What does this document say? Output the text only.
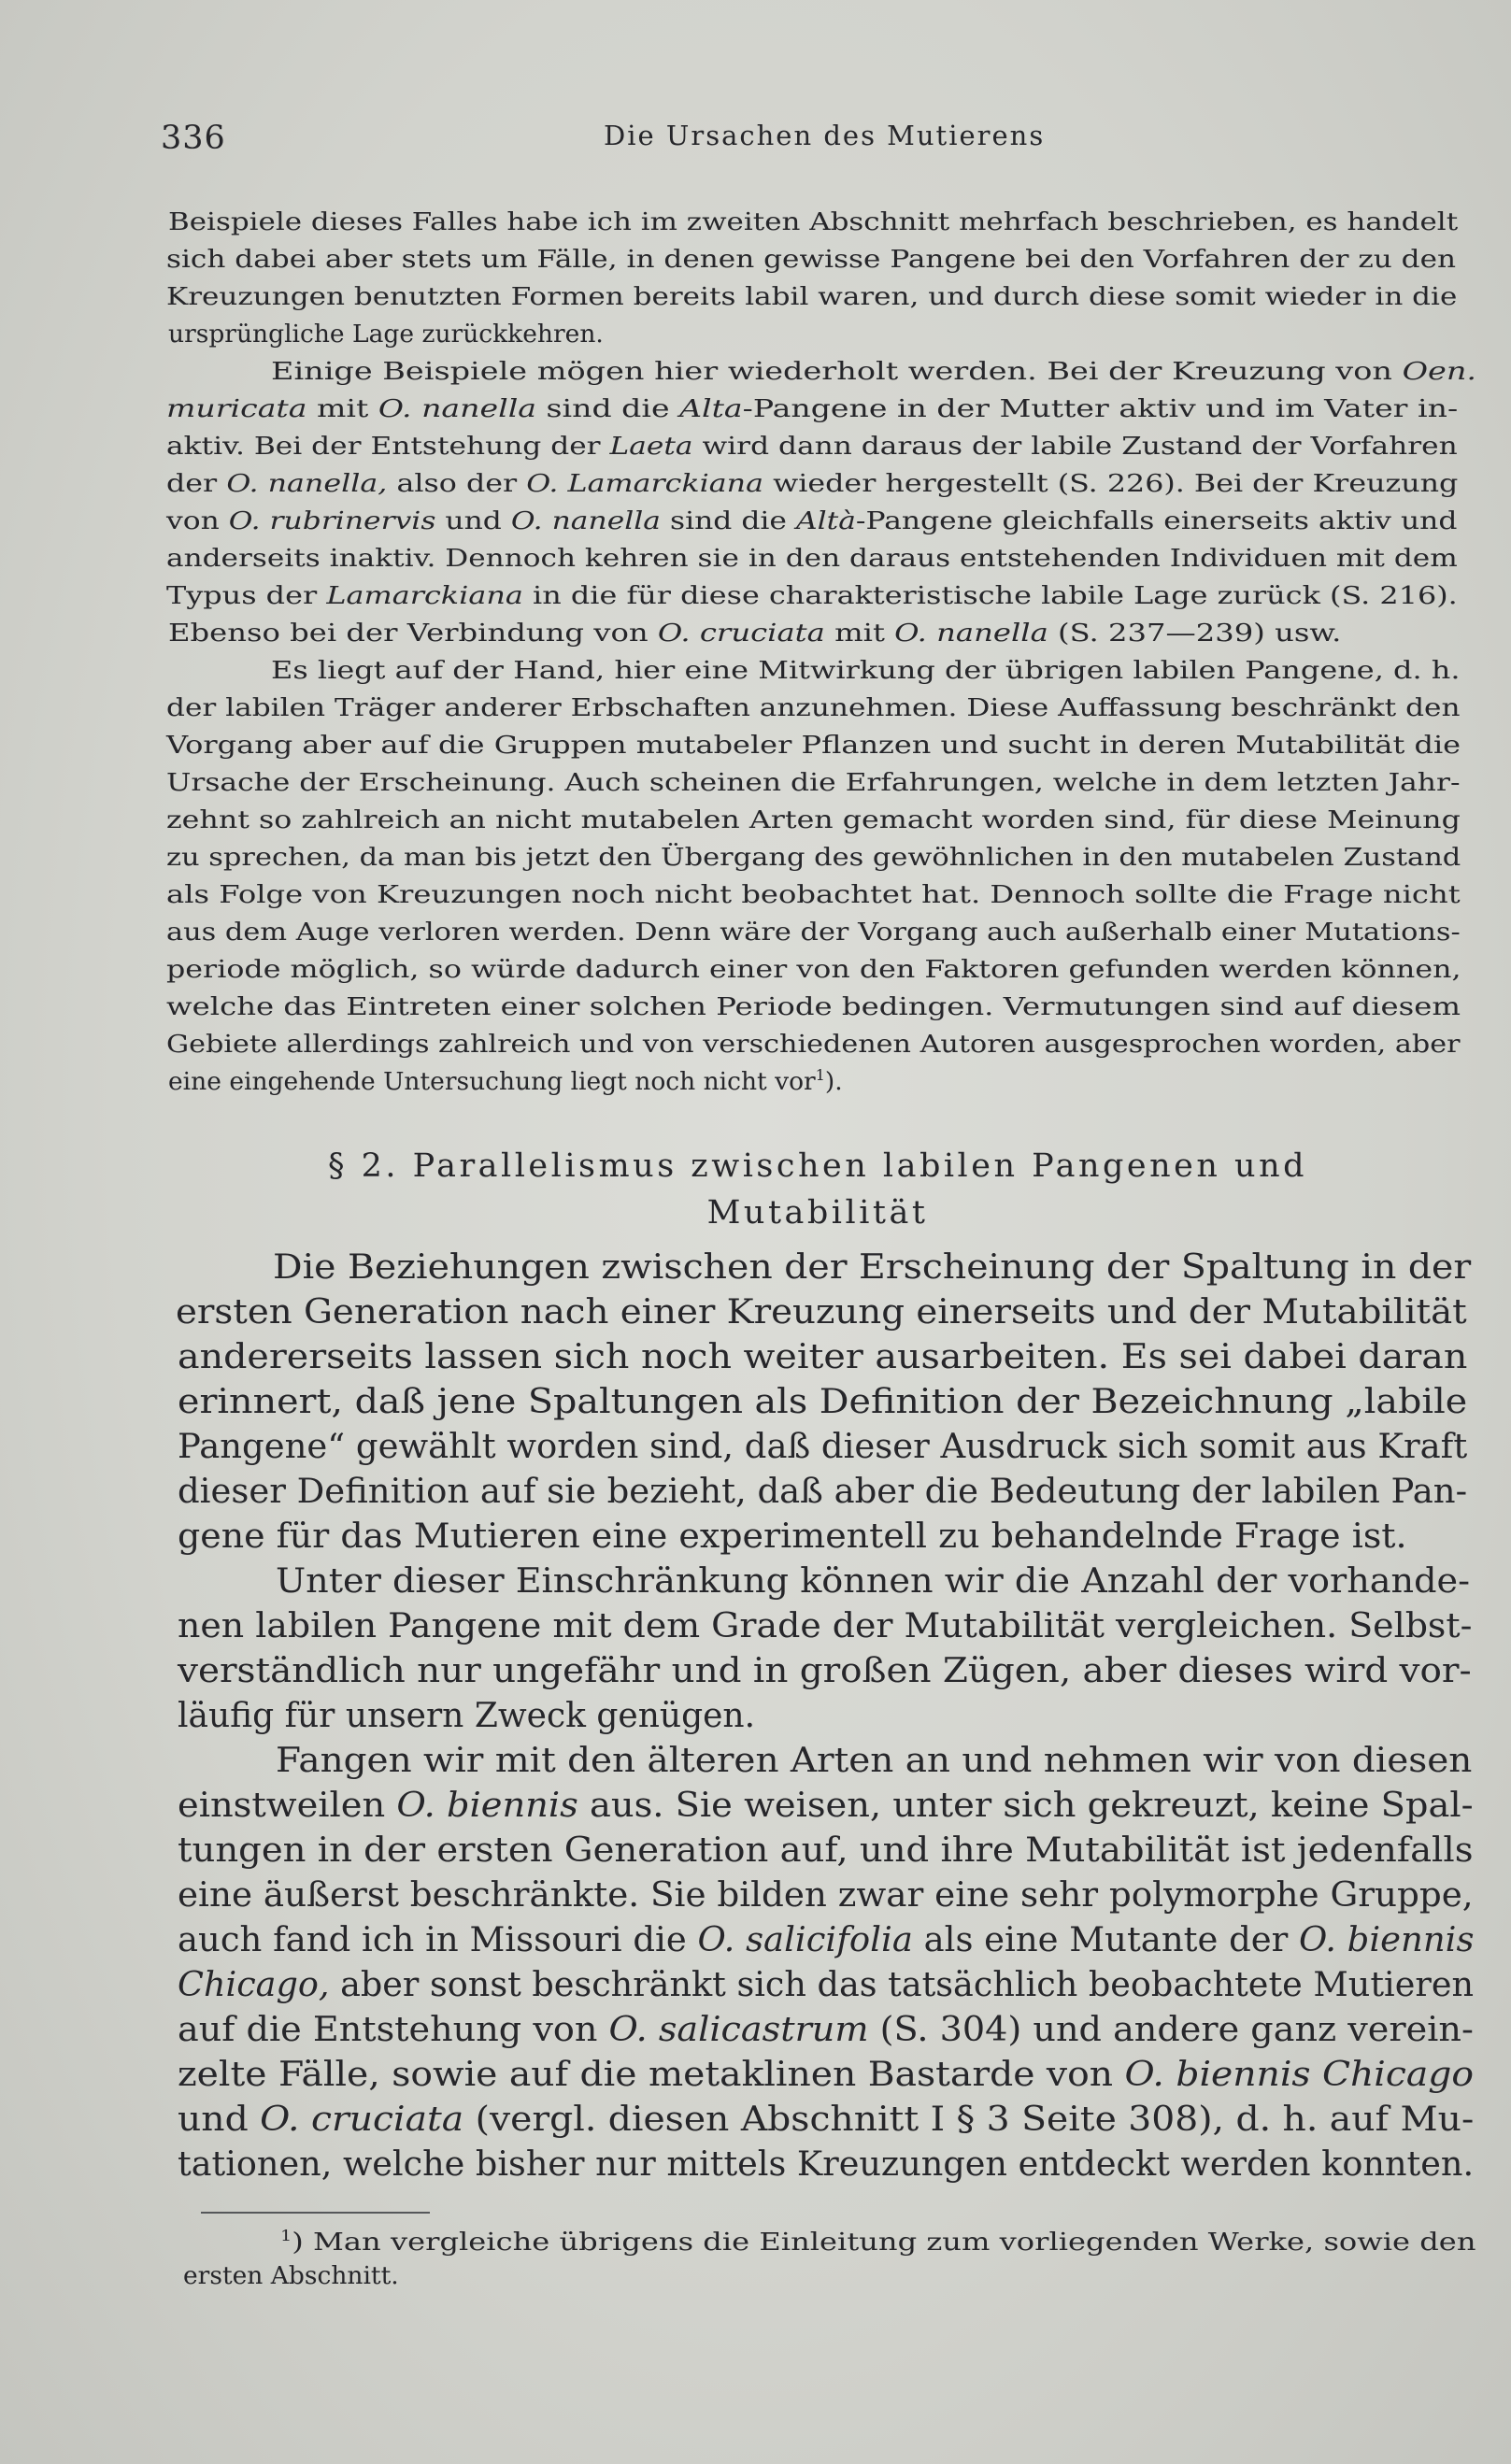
336	Die Ursachen des Mutierens
Beispiele dieses Falles habe ich im zweiten Abschnitt mehrfach beschrieben, es handelt
sich dabei aber stets um Fälle, in denen gewisse Pangene bei den Vorfahren der zu den
Kreuzungen benutzten Formen bereits labil waren, und durch diese somit wieder in die
ursprüngliche Lage zurückkehren.
Einige Beispiele mögen hier wiederholt werden. Bei der Kreuzung von Oen.
muricata mit O. nanella sind die Alta-Pangene in der Mutter aktiv und im Vater in-
aktiv. Bei der Entstehung der Laeta wird dann daraus der labile Zustand der Vorfahren
der O. nanella, also der O. Lamarckiana wieder hergestellt (S. 226). Bei der Kreuzung
von O. rubrinervis und O. nanella sind die Altà-Pangene gleichfalls einerseits aktiv und
anderseits inaktiv. Dennoch kehren sie in den daraus entstehenden Individuen mit dem
Typus der Lamarckiana in die für diese charakteristische labile Lage zurück (S. 216).
Ebenso bei der Verbindung von O. cruciata mit O. nanella (S. 237—239) usw.
Es liegt auf der Hand, hier eine Mitwirkung der übrigen labilen Pangene, d. h.
der labilen Träger anderer Erbschaften anzunehmen. Diese Auffassung beschränkt den
Vorgang aber auf die Gruppen mutabeler Pflanzen und sucht in deren Mutabilität die
Ursache der Erscheinung. Auch scheinen die Erfahrungen, welche in dem letzten Jahr-
zehnt so zahlreich an nicht mutabelen Arten gemacht worden sind, für diese Meinung
zu sprechen, da man bis jetzt den Übergang des gewöhnlichen in den mutabelen Zustand
als Folge von Kreuzungen noch nicht beobachtet hat. Dennoch sollte die Frage nicht
aus dem Auge verloren werden. Denn wäre der Vorgang auch außerhalb einer Mutations-
periode möglich, so würde dadurch einer von den Faktoren gefunden werden können,
welche das Eintreten einer solchen Periode bedingen. Vermutungen sind auf diesem
Gebiete allerdings zahlreich und von verschiedenen Autoren ausgesprochen worden, aber
eine eingehende Untersuchung liegt noch nicht vor$^1$).
§ 2. Parallelismus zwischen labilen Pangenen und
Mutabilität
Die Beziehungen zwischen der Erscheinung der Spaltung in der
ersten Generation nach einer Kreuzung einerseits und der Mutabilität
andererseits lassen sich noch weiter ausarbeiten. Es sei dabei daran
erinnert, daß jene Spaltungen als Definition der Bezeichnung „labile
Pangene“ gewählt worden sind, daß dieser Ausdruck sich somit aus Kraft
dieser Definition auf sie bezieht, daß aber die Bedeutung der labilen Pan-
gene für das Mutieren eine experimentell zu behandelnde Frage ist.
Unter dieser Einschränkung können wir die Anzahl der vorhande-
nen labilen Pangene mit dem Grade der Mutabilität vergleichen. Selbst-
verständlich nur ungefähr und in großen Zügen, aber dieses wird vor-
läufig für unsern Zweck genügen.
Fangen wir mit den älteren Arten an und nehmen wir von diesen
einstweilen O. biennis aus. Sie weisen, unter sich gekreuzt, keine Spal-
tungen in der ersten Generation auf, und ihre Mutabilität ist jedenfalls
eine äußerst beschränkte. Sie bilden zwar eine sehr polymorphe Gruppe,
auch fand ich in Missouri die O. salicifolia als eine Mutante der O. biennis
Chicago, aber sonst beschränkt sich das tatsächlich beobachtete Mutieren
auf die Entstehung von O. salicastrum (S. 304) und andere ganz verein-
zelte Fälle, sowie auf die metaklinen Bastarde von O. biennis Chicago
und O. cruciata (vergl. diesen Abschnitt I § 3 Seite 308), d. h. auf Mu-
tationen, welche bisher nur mittels Kreuzungen entdeckt werden konnten.
$^1$) Man vergleiche übrigens die Einleitung zum vorliegenden Werke, sowie den
ersten Abschnitt.
